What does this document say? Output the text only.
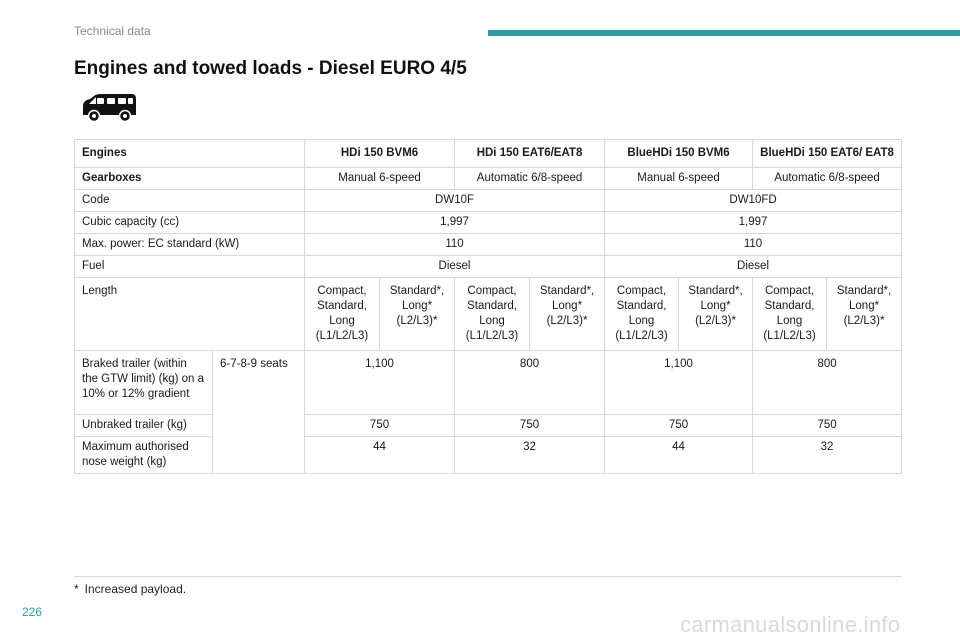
Technical data
Engines and towed loads - Diesel EURO 4/5
Engines		HDi 150 BVM6		HDi 150 EAT6/EAT8		BlueHDi 150 BVM6		BlueHDi 150 EAT6/ EAT8	
Gearboxes		Manual 6-speed		Automatic 6/8-speed		Manual 6-speed		Automatic 6/8-speed	
Code		DW10F				DW10FD			
Cubic capacity (cc)		1,997				1,997			
Max. power: EC standard (kW)		110				110			
Fuel		Diesel				Diesel			
Length		Compact, Standard, Long (L1/L2/L3)	Standard*, Long* (L2/L3)*	Compact, Standard, Long (L1/L2/L3)	Standard*, Long* (L2/L3)*	Compact, Standard, Long (L1/L2/L3)	Standard*, Long* (L2/L3)*	Compact, Standard, Long (L1/L2/L3)	Standard*, Long* (L2/L3)*
Braked trailer (within the GTW limit) (kg) on a 10% or 12% gradient	6-7-8-9 seats	1,100		800		1,100		800	
Unbraked trailer (kg)		750		750		750		750	
Maximum authorised nose weight (kg)		44		32		44		32	
* Increased payload.
226	carmanualsonline.info
